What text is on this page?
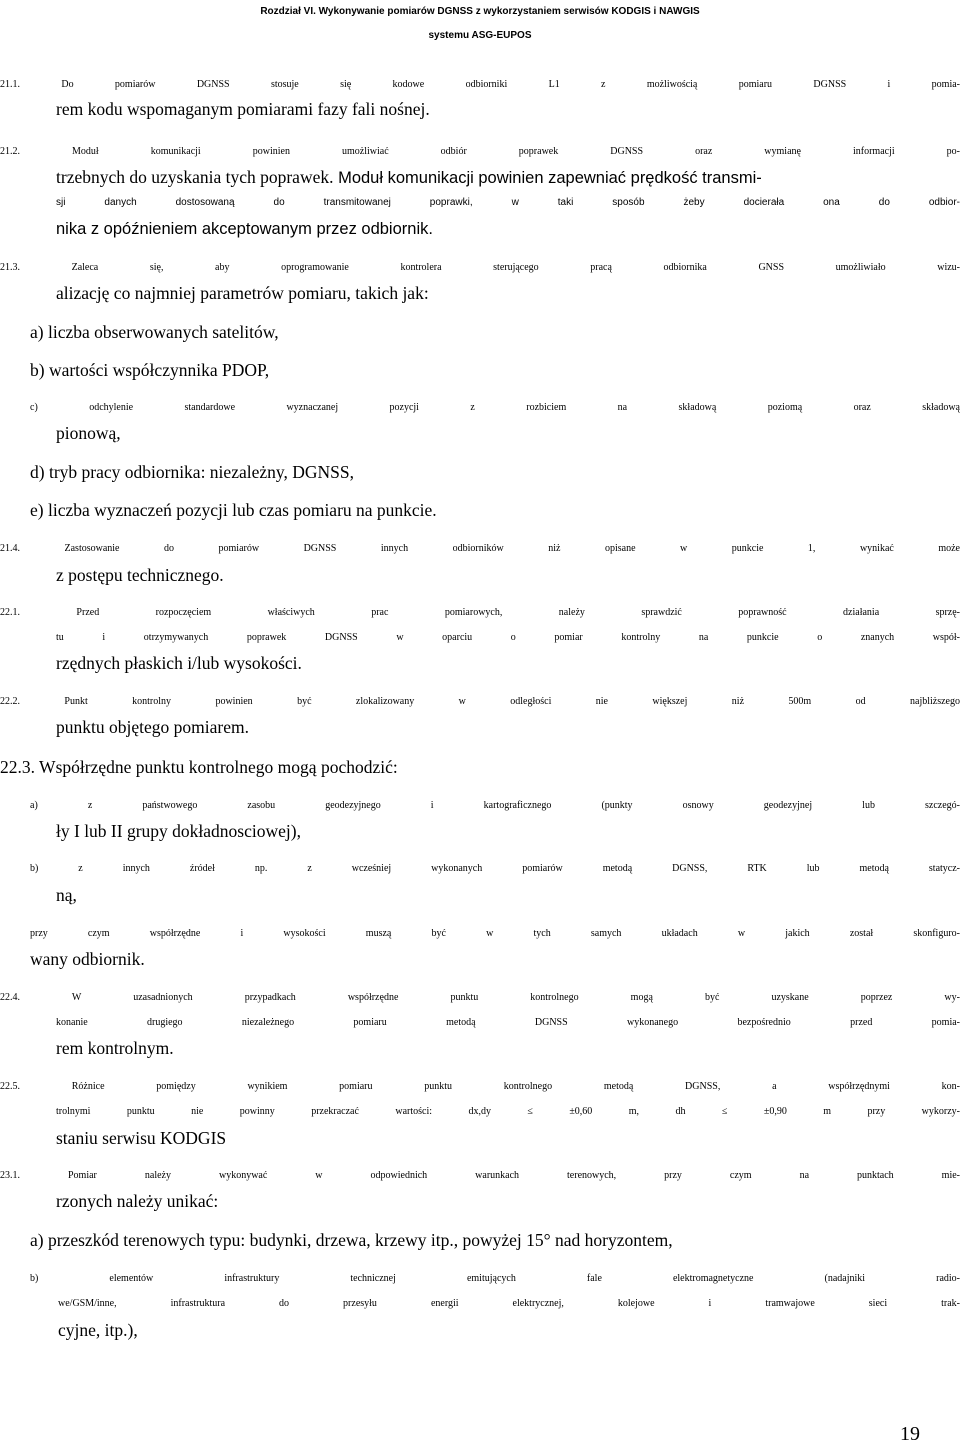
Rozdział VI. Wykonywanie pomiarów DGNSS z wykorzystaniem serwisów KODGIS i NAWGIS
systemu ASG-EUPOS
21.1. Do pomiarów DGNSS stosuje się kodowe odbiorniki L1 z możliwością pomiaru DGNSS i pomia-
rem kodu wspomaganym pomiarami fazy fali nośnej.
21.2. Moduł komunikacji powinien umożliwiać odbiór poprawek DGNSS oraz wymianę informacji po-
trzebnych do uzyskania tych poprawek. Moduł komunikacji powinien zapewniać prędkość transmi-
sji danych dostosowaną do transmitowanej poprawki, w taki sposób żeby docierała ona do odbior-
nika z opóźnieniem akceptowanym przez odbiornik.
21.3. Zaleca się, aby oprogramowanie kontrolera sterującego pracą odbiornika GNSS umożliwiało wizu-
alizację co najmniej parametrów pomiaru, takich jak:
a) liczba obserwowanych satelitów,
b) wartości współczynnika PDOP,
c) odchylenie standardowe wyznaczanej pozycji z rozbiciem na składową poziomą oraz składową
pionową,
d) tryb pracy odbiornika: niezależny, DGNSS,
e) liczba wyznaczeń pozycji lub czas pomiaru na punkcie.
21.4. Zastosowanie do pomiarów DGNSS innych odbiorników niż opisane w punkcie 1, wynikać może
z postępu technicznego.
22.1. Przed rozpoczęciem właściwych prac pomiarowych, należy sprawdzić poprawność działania sprzę-
tu i otrzymywanych poprawek DGNSS w oparciu o pomiar kontrolny na punkcie o znanych współ-
rzędnych płaskich i/lub wysokości.
22.2. Punkt kontrolny powinien być zlokalizowany w odległości nie większej niż 500m od najbliższego
punktu objętego pomiarem.
22.3. Współrzędne punktu kontrolnego mogą pochodzić:
a) z państwowego zasobu geodezyjnego i kartograficznego (punkty osnowy geodezyjnej lub szczegó-
ły I lub II grupy dokładnosciowej),
b) z innych źródeł np. z wcześniej wykonanych pomiarów metodą DGNSS, RTK lub metodą statycz-
ną,
przy czym współrzędne i wysokości muszą być w tych samych układach w jakich został skonfiguro-
wany odbiornik.
22.4. W uzasadnionych przypadkach współrzędne punktu kontrolnego mogą być uzyskane poprzez wy-
konanie drugiego niezależnego pomiaru metodą DGNSS wykonanego bezpośrednio przed pomia-
rem kontrolnym.
22.5. Różnice pomiędzy wynikiem pomiaru punktu kontrolnego metodą DGNSS, a współrzędnymi kon-
trolnymi punktu nie powinny przekraczać wartości: dx,dy ≤ ±0,60 m, dh ≤ ±0,90 m przy wykorzy-
staniu serwisu KODGIS
23.1. Pomiar należy wykonywać w odpowiednich warunkach terenowych, przy czym na punktach mie-
rzonych należy unikać:
a) przeszkód terenowych typu: budynki, drzewa, krzewy itp., powyżej 15° nad horyzontem,
b) elementów infrastruktury technicznej emitujących fale elektromagnetyczne (nadajniki radio-
we/GSM/inne, infrastruktura do przesyłu energii elektrycznej, kolejowe i tramwajowe sieci trak-
cyjne, itp.),
19
